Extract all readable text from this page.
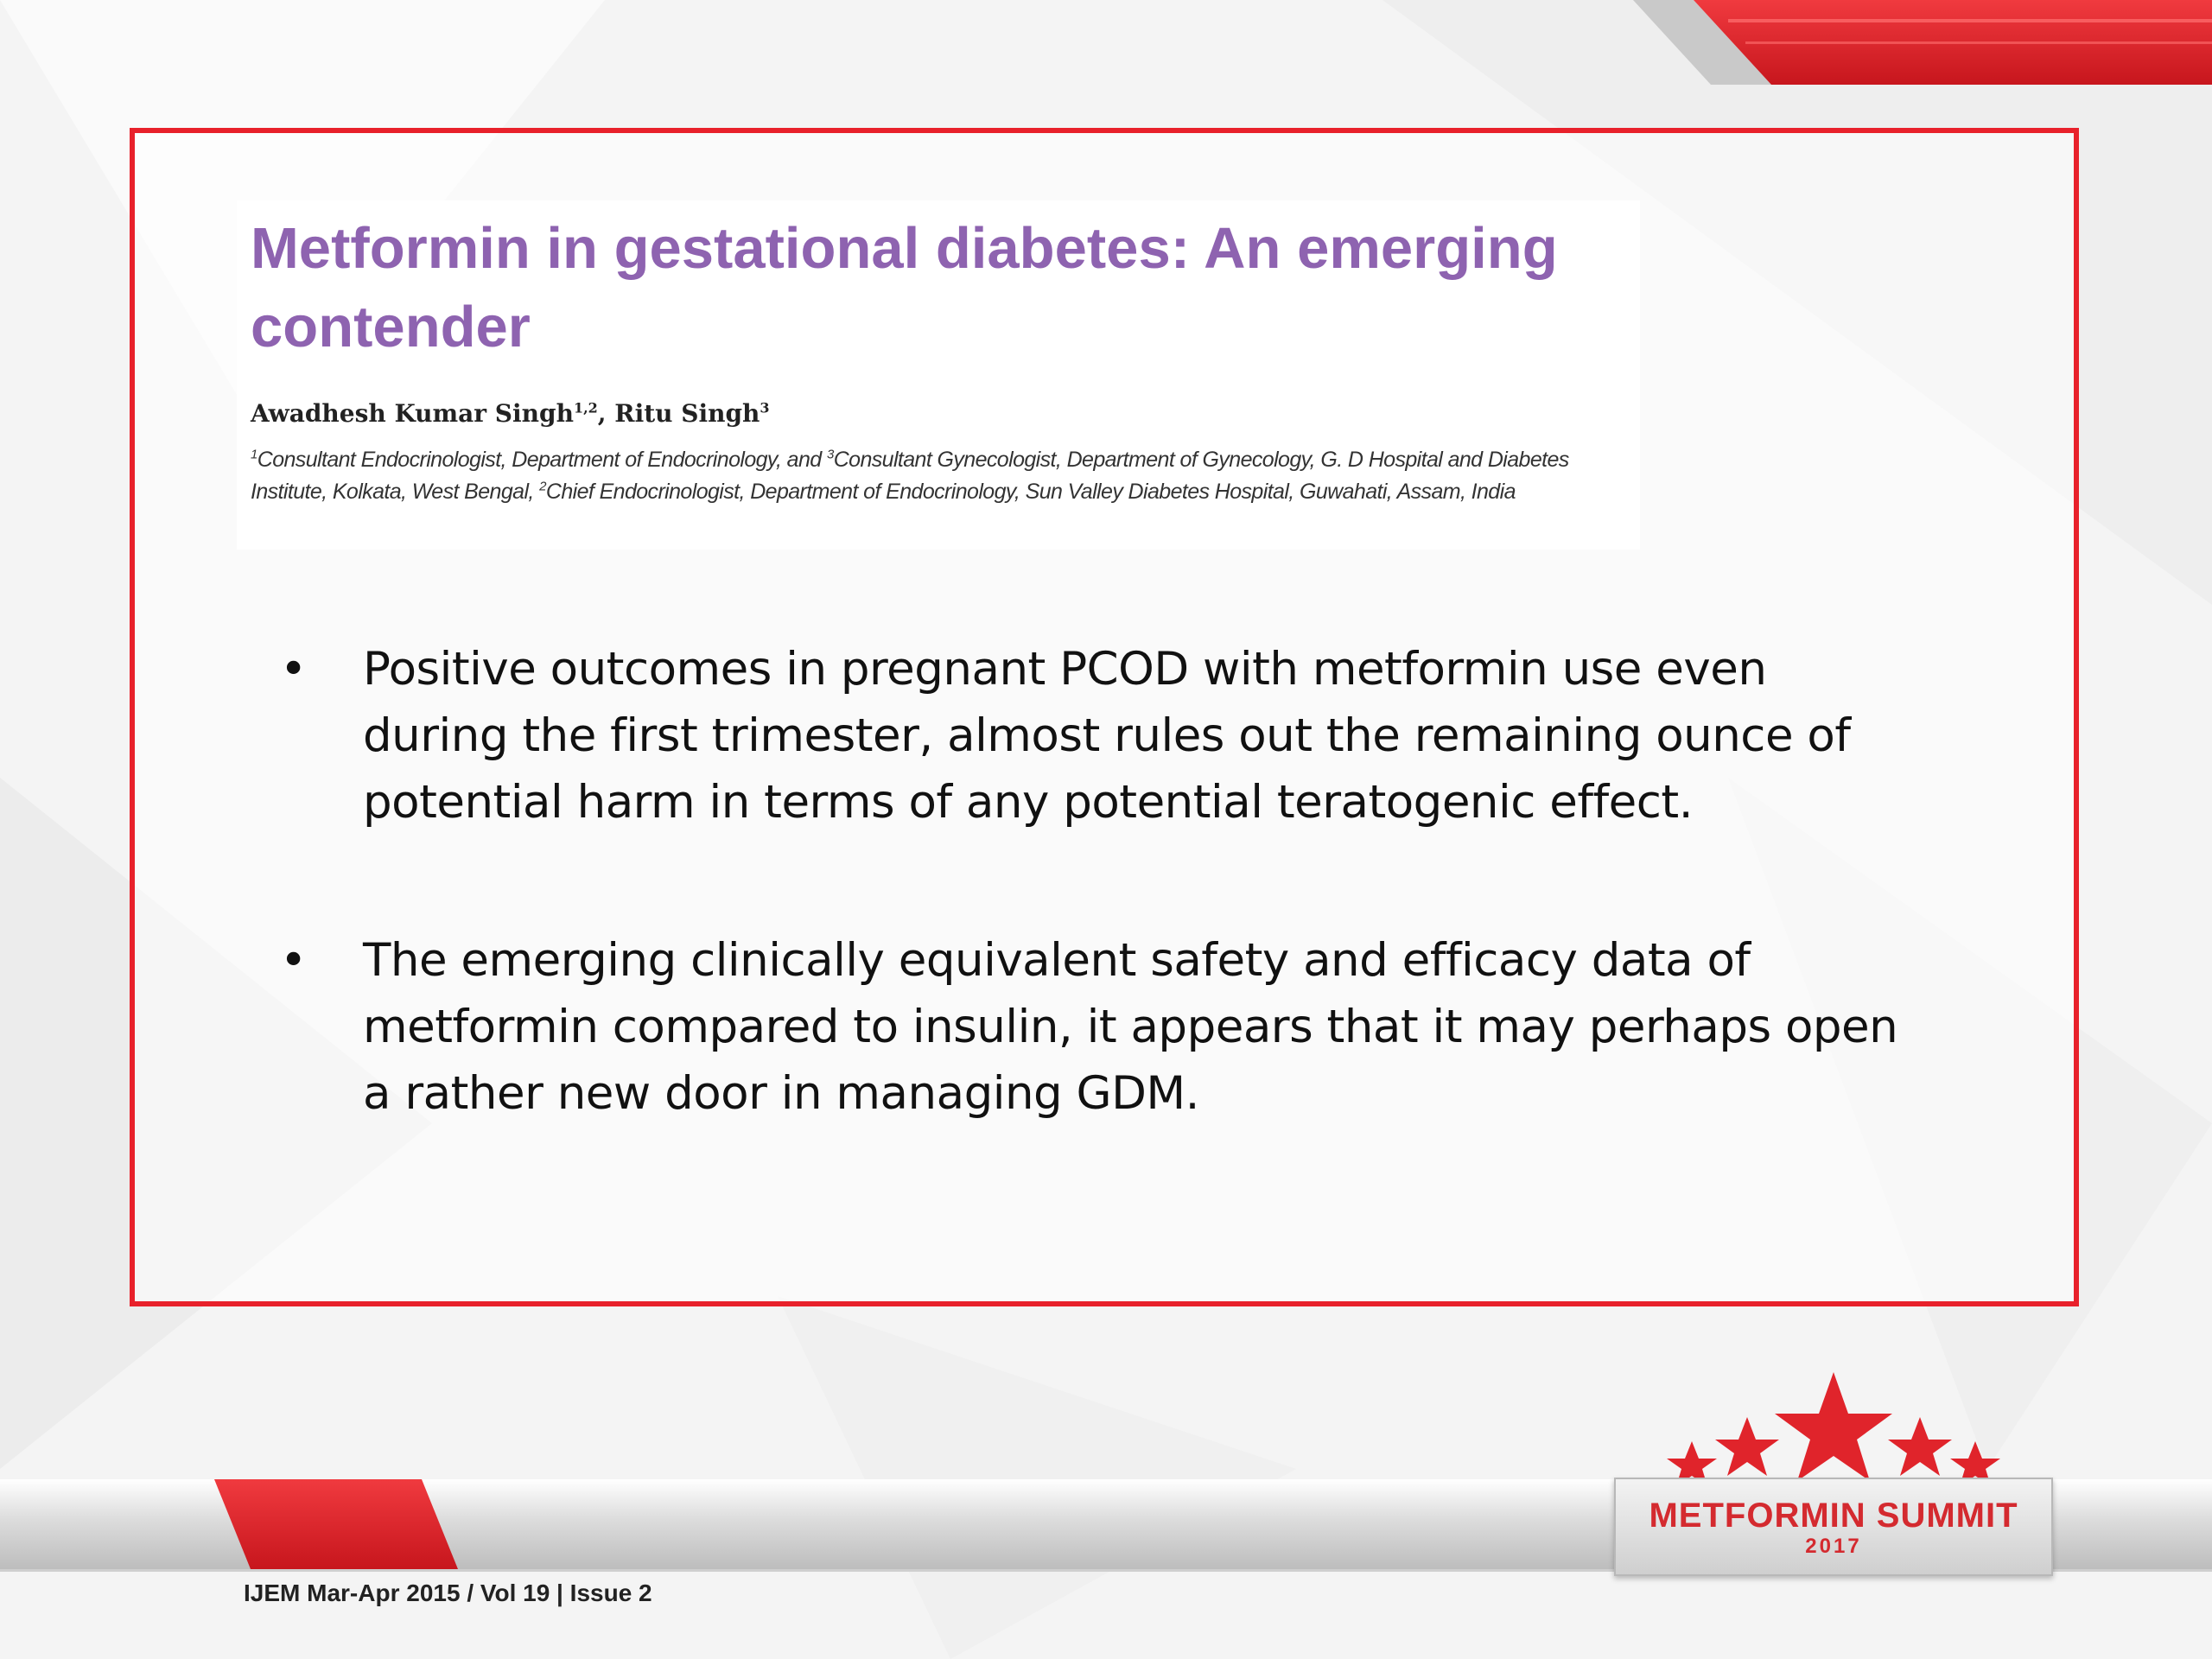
Metformin in gestational diabetes: An emerging contender
Awadhesh Kumar Singh$^{1,2}$, Ritu Singh$^3$
$^1$Consultant Endocrinologist, Department of Endocrinology, and $^3$Consultant Gynecologist, Department of Gynecology, G. D Hospital and Diabetes Institute, Kolkata, West Bengal, $^2$Chief Endocrinologist, Department of Endocrinology, Sun Valley Diabetes Hospital, Guwahati, Assam, India
• Positive outcomes in pregnant PCOD with metformin use even during the first trimester, almost rules out the remaining ounce of potential harm in terms of any potential teratogenic effect.
• The emerging clinically equivalent safety and efficacy data of metformin compared to insulin, it appears that it may perhaps open a rather new door in managing GDM.
IJEM Mar-Apr 2015 / Vol 19 | Issue 2
METFORMIN SUMMIT
2017
